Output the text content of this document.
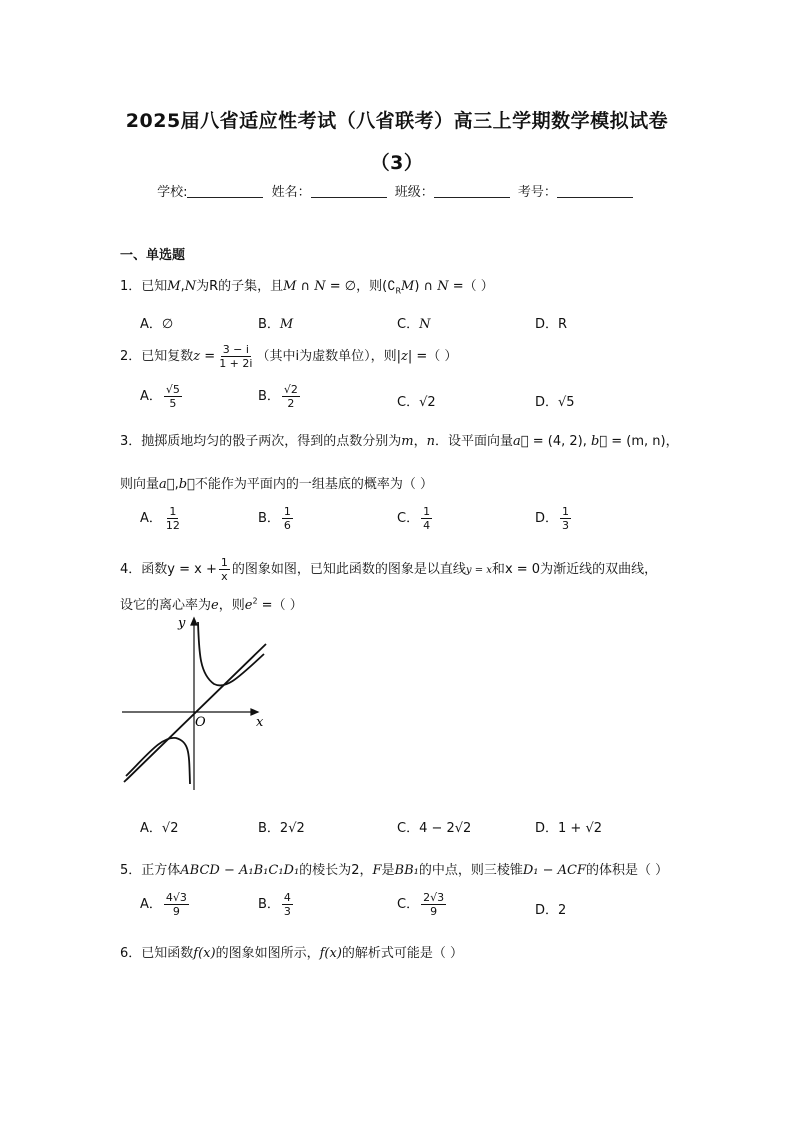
2025届八省适应性考试（八省联考）高三上学期数学模拟试卷
（3）
学校:	姓名：	班级：	考号：
一、单选题
1．已知M,N为R的子集，且M ∩ N = ∅，则$(∁_RM)$ ∩ N =（ ）
A．∅	B．M	C．N	D．R
2．已知复数$z = \frac{3 - i}{1 + 2i}$ （其中i为虚数单位），则|z| =（ ）
A． $\frac{√5}{5}$	B． $\frac{√2}{2}$	C．√2	D．√5
3．抛掷质地均匀的骰子两次，得到的点数分别为m，n．设平面向量a⃗ = (4, 2), b⃗ = (m, n)，
则向量a⃗,b⃗不能作为平面内的一组基底的概率为（ ）
A． $\frac{1}{12}$	B． $\frac{1}{6}$	C． $\frac{1}{4}$	D． $\frac{1}{3}$
4．函数$y = x + \frac{1}{x}$ 的图象如图，已知此函数的图象是以直线y = x和x = 0为渐近线的双曲线，
设它的离心率为e，则$e^2$ =（ ）
y
x
O
A．√2	B．2√2	C．4 − 2√2	D．1 + √2
5．正方体ABCD − A₁B₁C₁D₁的棱长为2，F是BB₁的中点，则三棱锥D₁ − ACF的体积是（ ）
A． $\frac{4√3}{9}$	B． $\frac{4}{3}$	C． $\frac{2√3}{9}$	D．2
6．已知函数f(x)的图象如图所示，f(x)的解析式可能是（ ）
